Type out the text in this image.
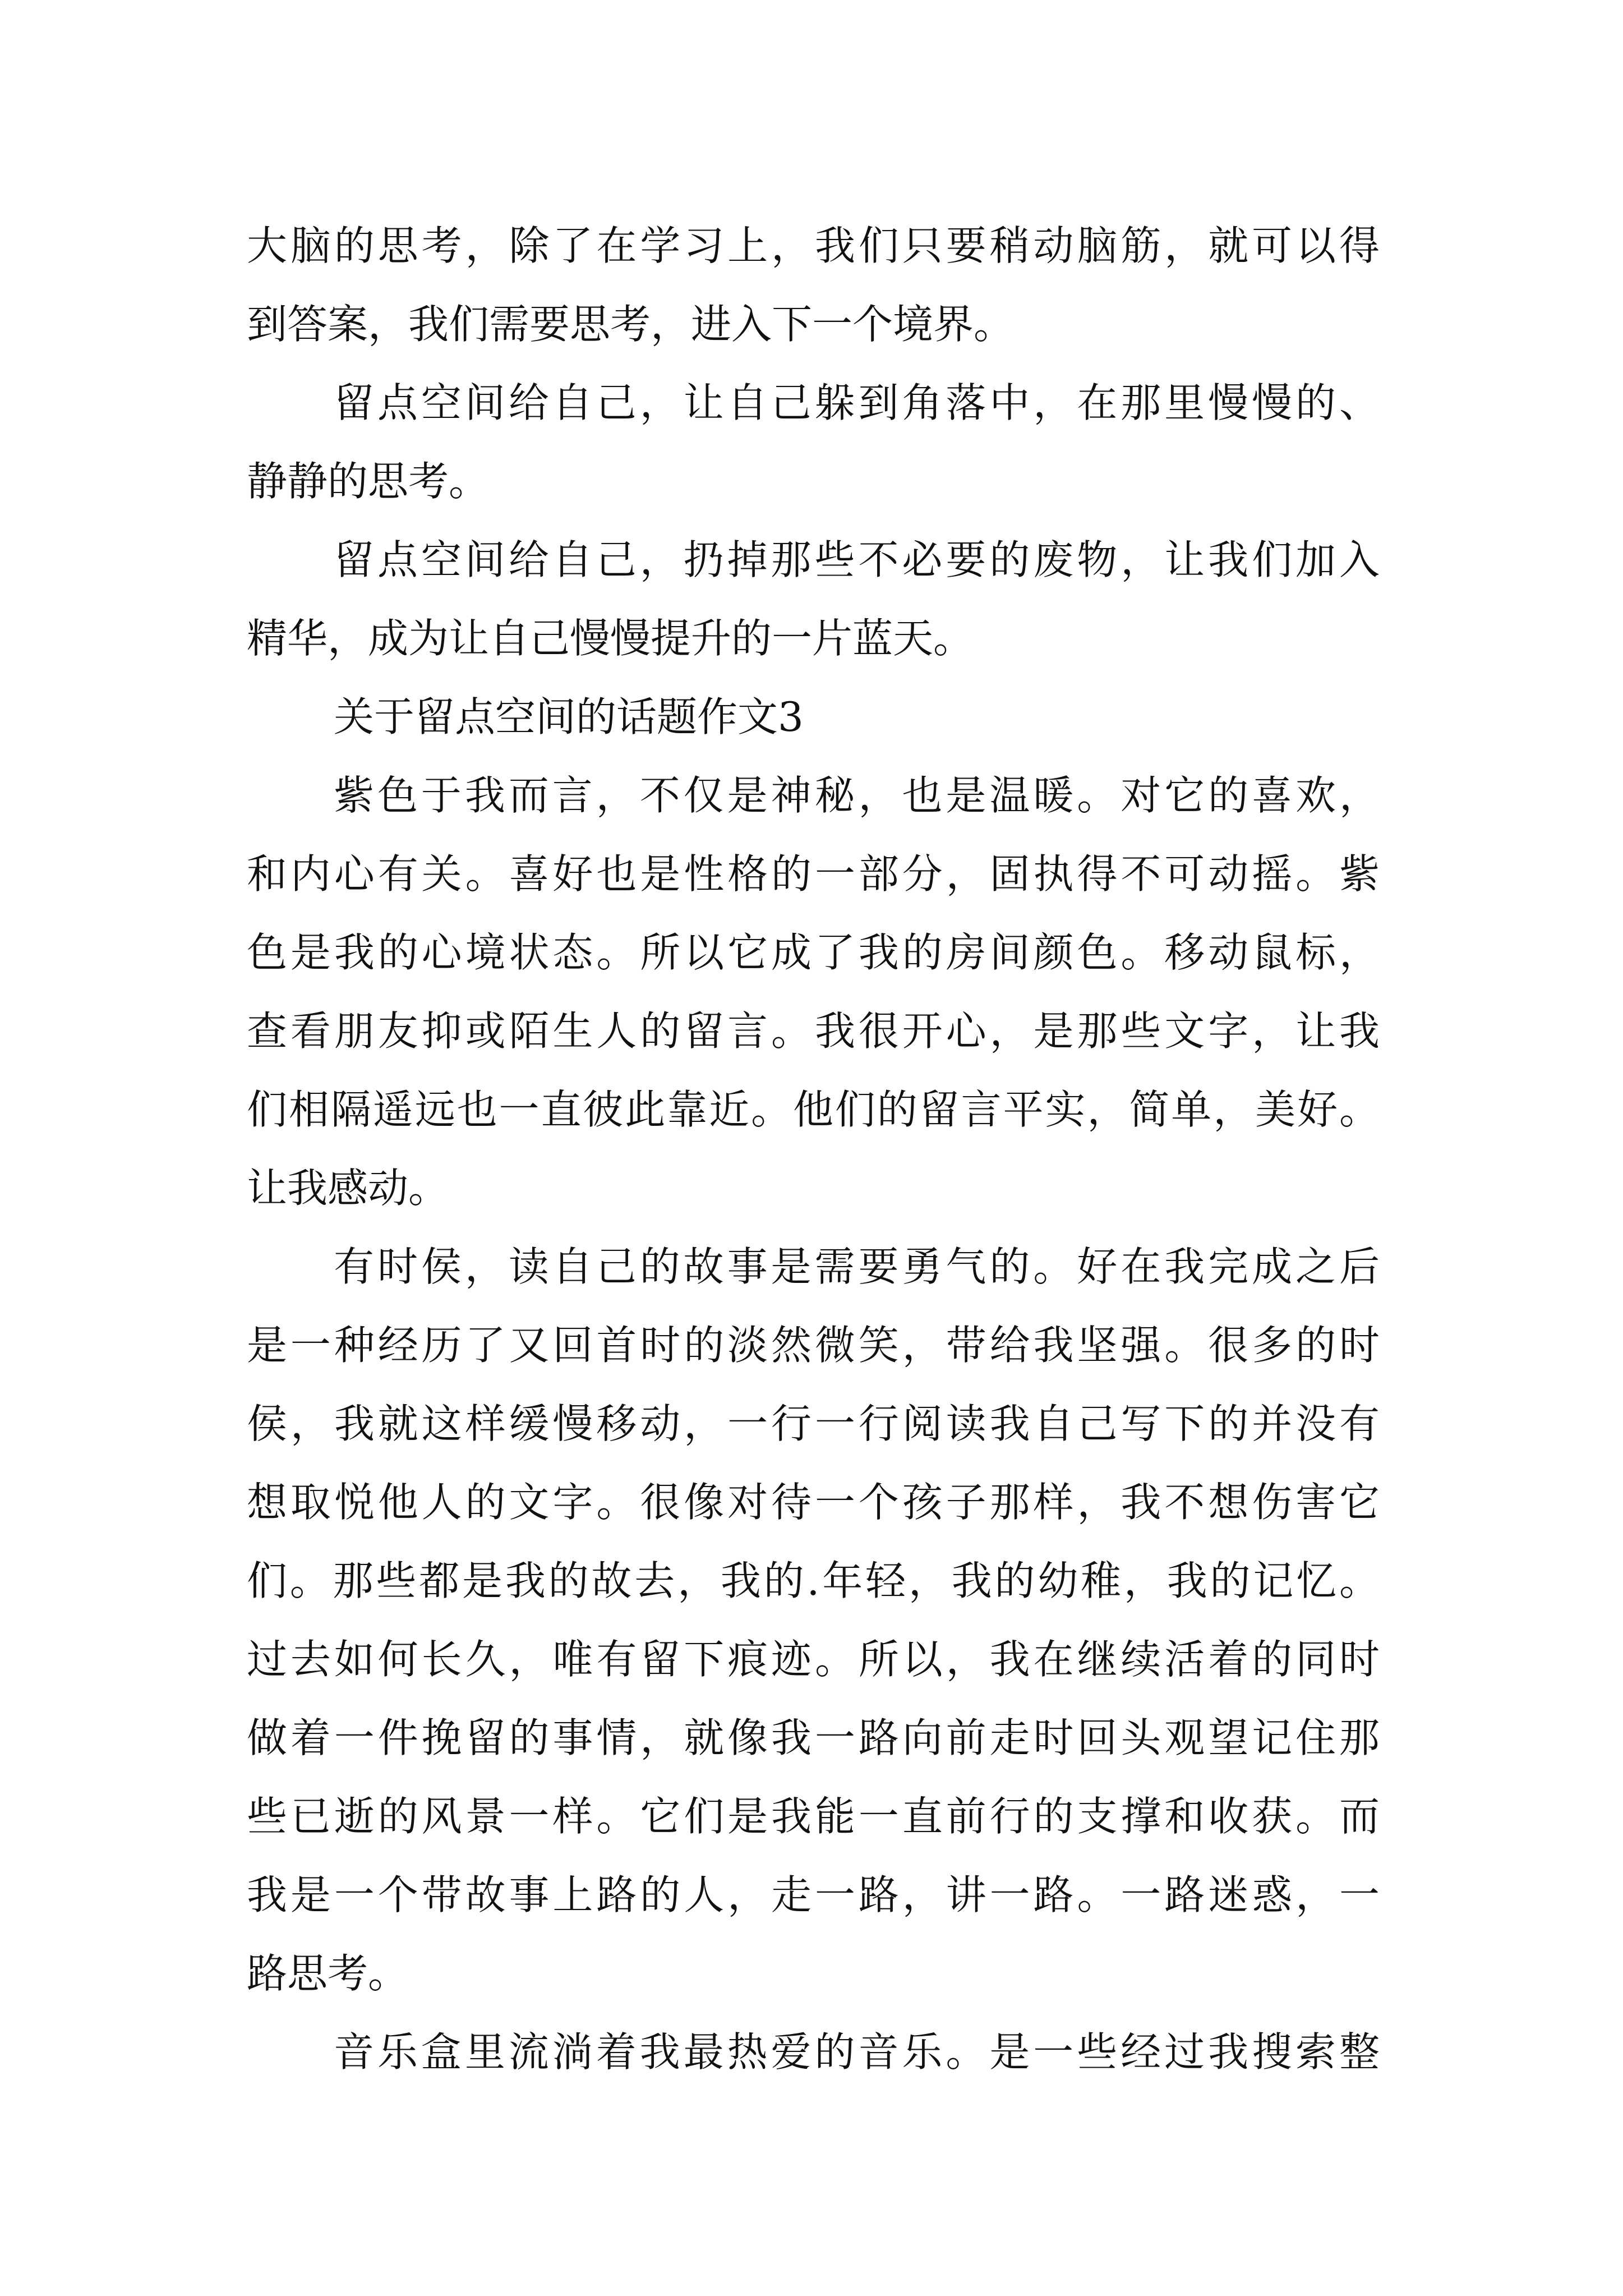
大脑的思考，除了在学习上，我们只要稍动脑筋，就可以得
到答案，我们需要思考，进入下一个境界。
留点空间给自己，让自己躲到角落中，在那里慢慢的、
静静的思考。
留点空间给自己，扔掉那些不必要的废物，让我们加入
精华，成为让自己慢慢提升的一片蓝天。
关于留点空间的话题作文3
紫色于我而言，不仅是神秘，也是温暖。对它的喜欢，
和内心有关。喜好也是性格的一部分，固执得不可动摇。紫
色是我的心境状态。所以它成了我的房间颜色。移动鼠标，
查看朋友抑或陌生人的留言。我很开心，是那些文字，让我
们相隔遥远也一直彼此靠近。他们的留言平实，简单，美好。
让我感动。
有时侯，读自己的故事是需要勇气的。好在我完成之后
是一种经历了又回首时的淡然微笑，带给我坚强。很多的时
侯，我就这样缓慢移动，一行一行阅读我自己写下的并没有
想取悦他人的文字。很像对待一个孩子那样，我不想伤害它
们。那些都是我的故去，我的.年轻，我的幼稚，我的记忆。
过去如何长久，唯有留下痕迹。所以，我在继续活着的同时
做着一件挽留的事情，就像我一路向前走时回头观望记住那
些已逝的风景一样。它们是我能一直前行的支撑和收获。而
我是一个带故事上路的人，走一路，讲一路。一路迷惑，一
路思考。
音乐盒里流淌着我最热爱的音乐。是一些经过我搜索整
